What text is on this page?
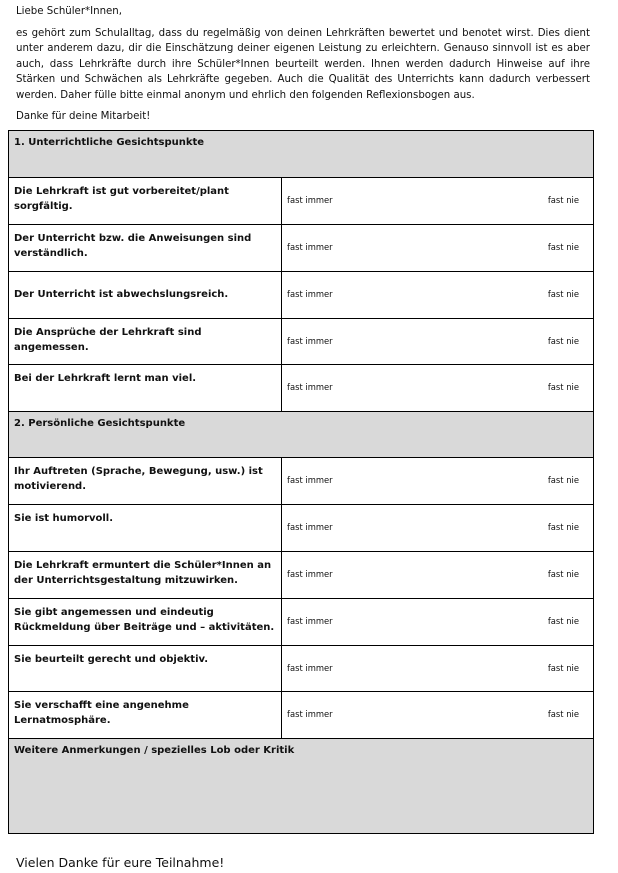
Liebe Schüler*Innen,

es gehört zum Schulalltag, dass du regelmäßig von deinen Lehrkräften bewertet und benotet wirst. Dies dient unter anderem dazu, dir die Einschätzung deiner eigenen Leistung zu erleichtern. Genauso sinnvoll ist es aber auch, dass Lehrkräfte durch ihre Schüler*Innen beurteilt werden. Ihnen werden dadurch Hinweise auf ihre Stärken und Schwächen als Lehrkräfte gegeben. Auch die Qualität des Unterrichts kann dadurch verbessert werden. Daher fülle bitte einmal anonym und ehrlich den folgenden Reflexionsbogen aus.

Danke für deine Mitarbeit!

1. Unterrichtliche Gesichtspunkte
Die Lehrkraft ist gut vorbereitet/plant sorgfältig.
fast immer	fast nie
Der Unterricht bzw. die Anweisungen sind verständlich.
fast immer	fast nie
Der Unterricht ist abwechslungsreich.	fast immer	fast nie
Die Ansprüche der Lehrkraft sind angemessen.
fast immer	fast nie
Bei der Lehrkraft lernt man viel.
fast immer	fast nie
2. Persönliche Gesichtspunkte
Ihr Auftreten (Sprache, Bewegung, usw.) ist motivierend.
fast immer	fast nie
Sie ist humorvoll.
fast immer	fast nie
Die Lehrkraft ermuntert die Schüler*Innen an der Unterrichtsgestaltung mitzuwirken.
fast immer	fast nie
Sie gibt angemessen und eindeutig Rückmeldung über Beiträge und – aktivitäten.
fast immer	fast nie
Sie beurteilt gerecht und objektiv.
fast immer	fast nie
Sie verschafft eine angenehme Lernatmosphäre.
fast immer	fast nie
Weitere Anmerkungen / spezielles Lob oder Kritik
Vielen Danke für eure Teilnahme!
